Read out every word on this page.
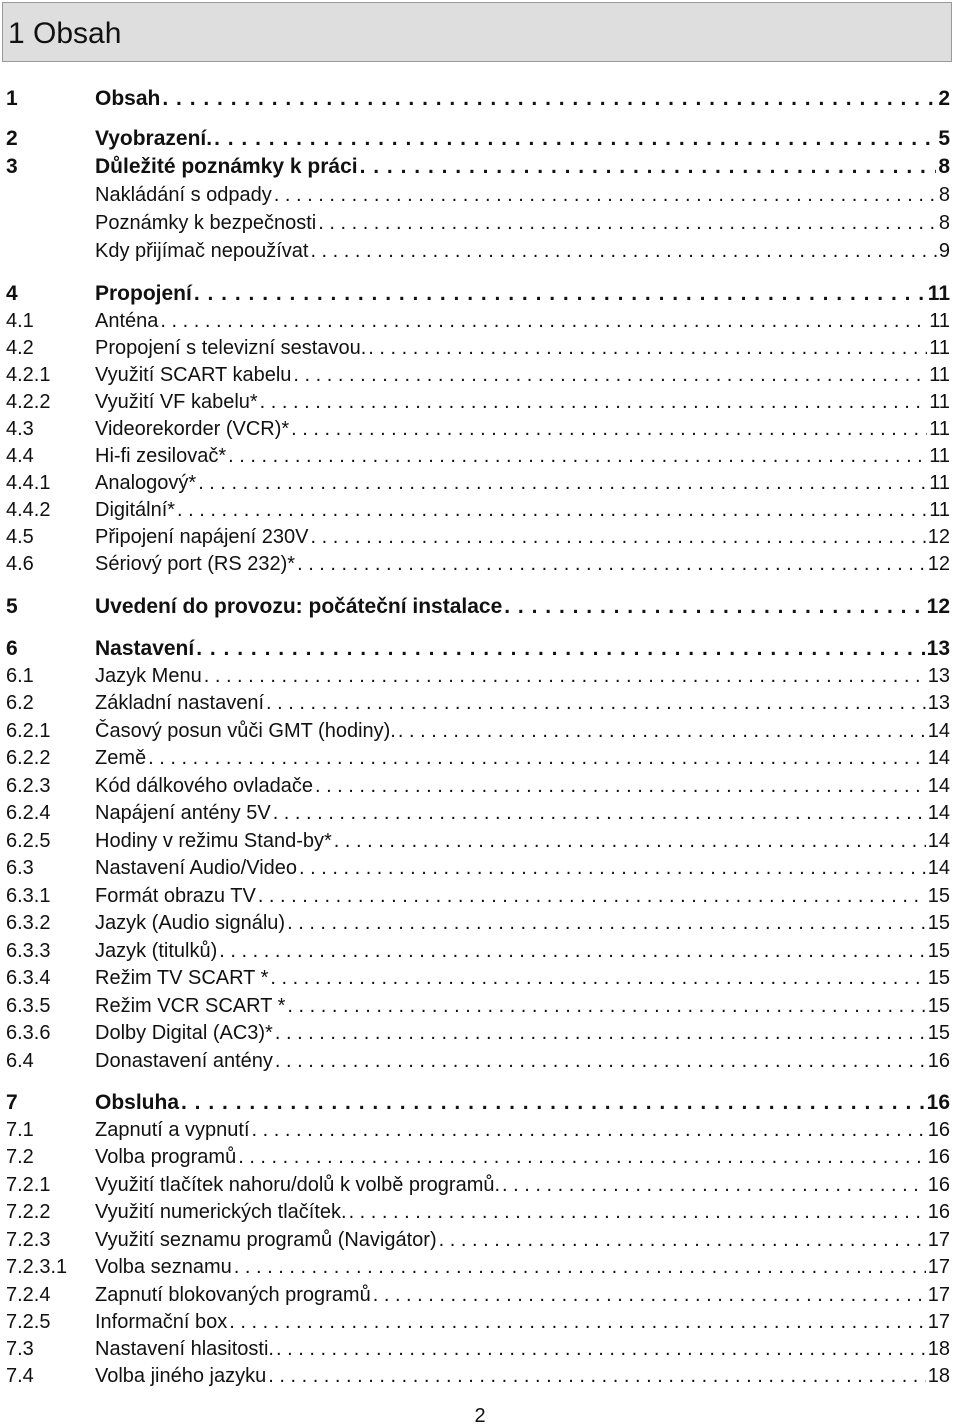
1 Obsah
1	Obsah . . .	2
2	Vyobrazení. . . .	5
3	Důležité poznámky k práci . . .	8
Nakládání s odpady . . .	8
Poznámky k bezpečnosti . . .	8
Kdy přijímač nepoužívat . . .	9
4	Propojení . . .	11
4.1	Anténa . . .	11
4.2	Propojení s televizní sestavou. . . .	11
4.2.1 Využití SCART kabelu . . .	11
4.2.2 Využití VF kabelu* . . .	11
4.3	Videorekorder (VCR)* . . .	11
4.4	Hi-fi zesilovač* . . .	11
4.4.1 Analogový* . . .	11
4.4.2 Digitální* . . .	11
4.5	Připojení napájení 230V . . .	12
4.6	Sériový port (RS 232)* . . .	12
5	Uvedení do provozu: počáteční instalace . . .	12
6	Nastavení . . .	13
6.1	Jazyk Menu . . .	13
6.2	Základní nastavení . . .	13
6.2.1 Časový posun vůči GMT (hodiny). . . .	14
6.2.2 Země . . .	14
6.2.3 Kód dálkového ovladače . . .	14
6.2.4 Napájení antény 5V . . .	14
6.2.5 Hodiny v režimu Stand-by* . . .	14
6.3	Nastavení Audio/Video . . .	14
6.3.1 Formát obrazu TV . . .	15
6.3.2 Jazyk (Audio signálu) . . .	15
6.3.3 Jazyk (titulků) . . .	15
6.3.4 Režim TV SCART * . . .	15
6.3.5 Režim VCR SCART * . . .	15
6.3.6 Dolby Digital (AC3)* . . .	15
6.4	Donastavení antény . . .	16
7	Obsluha . . .	16
7.1	Zapnutí a vypnutí . . .	16
7.2	Volba programů . . .	16
7.2.1 Využití tlačítek nahoru/dolů k volbě programů. . . .	16
7.2.2 Využití numerických tlačítek. . . .	16
7.2.3 Využití seznamu programů (Navigátor) . . .	17
7.2.3.1 Volba seznamu . . .	17
7.2.4 Zapnutí blokovaných programů . . .	17
7.2.5 Informační box . . .	17
7.3	Nastavení hlasitosti. . . .	18
7.4	Volba jiného jazyku . . .	18
2
